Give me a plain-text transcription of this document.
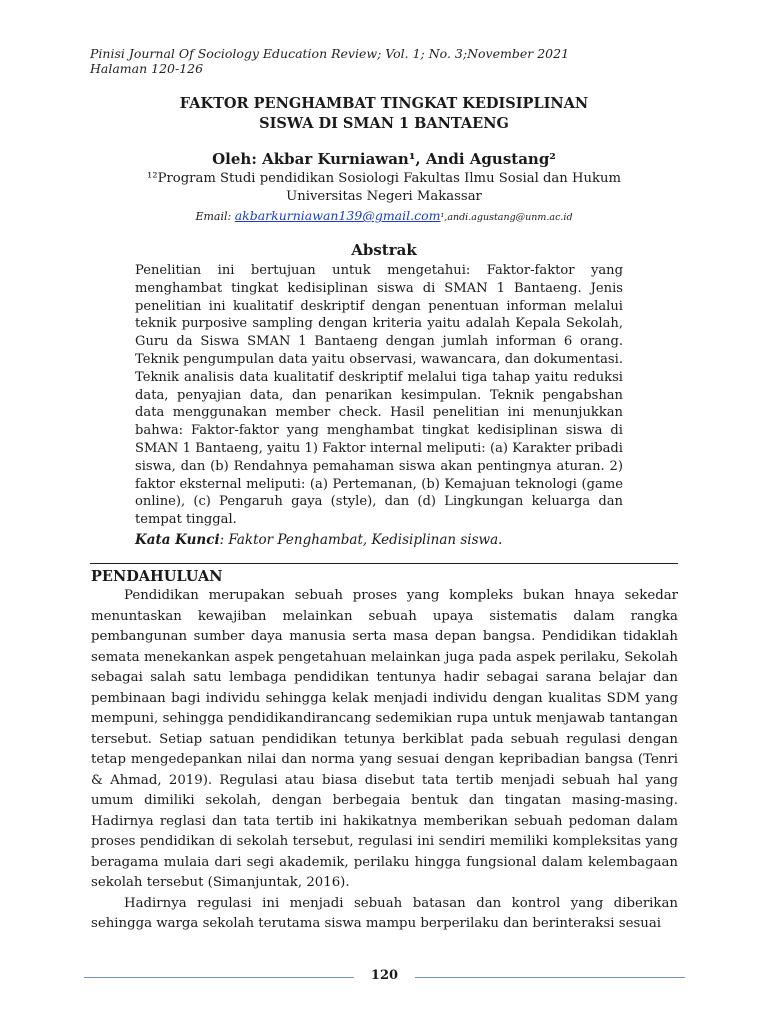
Pinisi Journal Of Sociology Education Review; Vol. 1; No. 3;November 2021
Halaman 120-126
FAKTOR PENGHAMBAT TINGKAT KEDISIPLINAN
SISWA DI SMAN 1 BANTAENG
Oleh: Akbar Kurniawan¹, Andi Agustang²
¹²Program Studi pendidikan Sosiologi Fakultas Ilmu Sosial dan Hukum
Universitas Negeri Makassar
Email: akbarkurniawan139@gmail.com¹,andi.agustang@unm.ac.id
Abstrak

Penelitian ini bertujuan untuk mengetahui: Faktor-faktor yang menghambat tingkat kedisiplinan siswa di SMAN 1 Bantaeng. Jenis penelitian ini kualitatif deskriptif dengan penentuan informan melalui teknik purposive sampling dengan kriteria yaitu adalah Kepala Sekolah, Guru da Siswa SMAN 1 Bantaeng dengan jumlah informan 6 orang. Teknik pengumpulan data yaitu observasi, wawancara, dan dokumentasi. Teknik analisis data kualitatif deskriptif melalui tiga tahap yaitu reduksi data, penyajian data, dan penarikan kesimpulan. Teknik pengabshan data menggunakan member check. Hasil penelitian ini menunjukkan bahwa: Faktor-faktor yang menghambat tingkat kedisiplinan siswa di SMAN 1 Bantaeng, yaitu 1) Faktor internal meliputi: (a) Karakter pribadi siswa, dan (b) Rendahnya pemahaman siswa akan pentingnya aturan. 2) faktor eksternal meliputi: (a) Pertemanan, (b) Kemajuan teknologi (game online), (c) Pengaruh gaya (style), dan (d) Lingkungan keluarga dan tempat tinggal.

Kata Kunci: Faktor Penghambat, Kedisiplinan siswa.
PENDAHULUAN

Pendidikan merupakan sebuah proses yang kompleks bukan hnaya sekedar menuntaskan kewajiban melainkan sebuah upaya sistematis dalam rangka pembangunan sumber daya manusia serta masa depan bangsa. Pendidikan tidaklah semata menekankan aspek pengetahuan melainkan juga pada aspek perilaku, Sekolah sebagai salah satu lembaga pendidikan tentunya hadir sebagai sarana belajar dan pembinaan bagi individu sehingga kelak menjadi individu dengan kualitas SDM yang mempuni, sehingga pendidikandirancang sedemikian rupa untuk menjawab tantangan tersebut. Setiap satuan pendidikan tetunya berkiblat pada sebuah regulasi dengan tetap mengedepankan nilai dan norma yang sesuai dengan kepribadian bangsa (Tenri & Ahmad, 2019). Regulasi atau biasa disebut tata tertib menjadi sebuah hal yang umum dimiliki sekolah, dengan berbegaia bentuk dan tingatan masing-masing. Hadirnya reglasi dan tata tertib ini hakikatnya memberikan sebuah pedoman dalam proses pendidikan di sekolah tersebut, regulasi ini sendiri memiliki kompleksitas yang beragama mulaia dari segi akademik, perilaku hingga fungsional dalam kelembagaan sekolah tersebut (Simanjuntak, 2016).

Hadirnya regulasi ini menjadi sebuah batasan dan kontrol yang diberikan sehingga warga sekolah terutama siswa mampu berperilaku dan berinteraksi sesuai

120
